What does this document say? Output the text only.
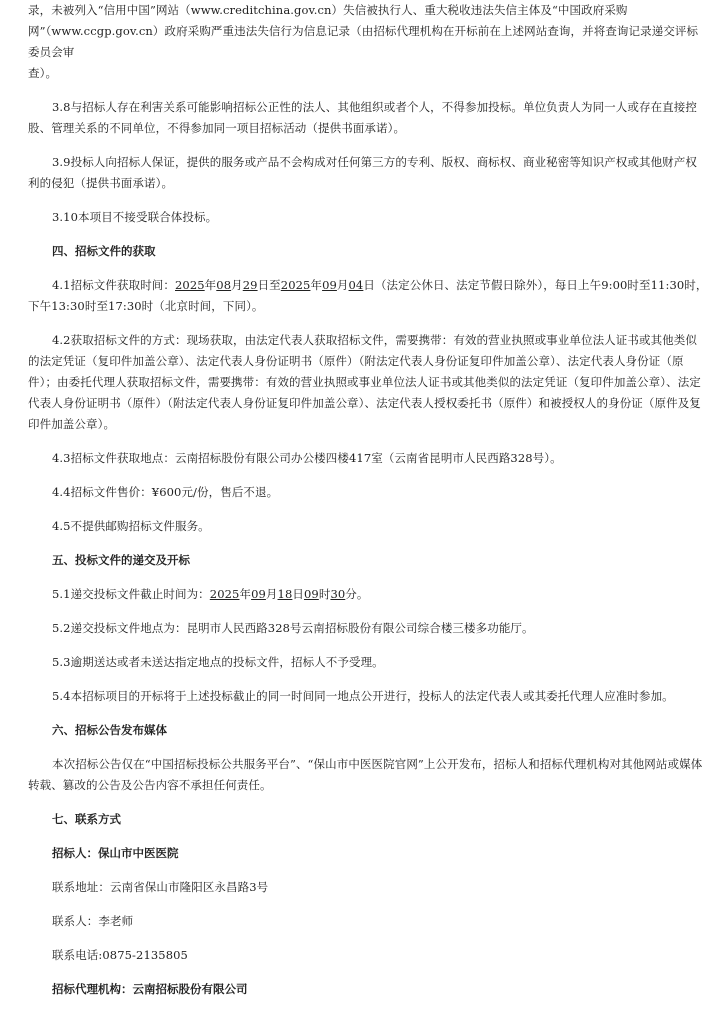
录，未被列入“信用中国”网站（www.creditchina.gov.cn）失信被执行人、重大税收违法失信主体及“中国政府采购

网”（www.ccgp.gov.cn）政府采购严重违法失信行为信息记录（由招标代理机构在开标前在上述网站查询，并将查询记录递交评标委员会审

查）。

3.8与招标人存在利害关系可能影响招标公正性的法人、其他组织或者个人，不得参加投标。单位负责人为同一人或存在直接控股、管理关系的不同单位，不得参加同一项目招标活动（提供书面承诺）。

3.9投标人向招标人保证，提供的服务或产品不会构成对任何第三方的专利、版权、商标权、商业秘密等知识产权或其他财产权利的侵犯（提供书面承诺）。

3.10本项目不接受联合体投标。

四、招标文件的获取

4.1招标文件获取时间：2025年08月29日至2025年09月04日（法定公休日、法定节假日除外），每日上午9:00时至11:30时，下午13:30时至17:30时（北京时间，下同）。

4.2获取招标文件的方式：现场获取，由法定代表人获取招标文件，需要携带：有效的营业执照或事业单位法人证书或其他类似的法定凭证（复印件加盖公章）、法定代表人身份证明书（原件）（附法定代表人身份证复印件加盖公章）、法定代表人身份证（原件）；由委托代理人获取招标文件，需要携带：有效的营业执照或事业单位法人证书或其他类似的法定凭证（复印件加盖公章）、法定代表人身份证明书（原件）（附法定代表人身份证复印件加盖公章）、法定代表人授权委托书（原件）和被授权人的身份证（原件及复印件加盖公章）。

4.3招标文件获取地点：云南招标股份有限公司办公楼四楼417室（云南省昆明市人民西路328号）。

4.4招标文件售价：¥600元/份，售后不退。

4.5不提供邮购招标文件服务。

五、投标文件的递交及开标

5.1递交投标文件截止时间为：2025年09月18日09时30分。

5.2递交投标文件地点为：昆明市人民西路328号云南招标股份有限公司综合楼三楼多功能厅。

5.3逾期送达或者未送达指定地点的投标文件，招标人不予受理。

5.4本招标项目的开标将于上述投标截止的同一时间同一地点公开进行，投标人的法定代表人或其委托代理人应准时参加。

六、招标公告发布媒体

本次招标公告仅在“中国招标投标公共服务平台”、“保山市中医医院官网”上公开发布，招标人和招标代理机构对其他网站或媒体转载、篡改的公告及公告内容不承担任何责任。

七、联系方式

招标人：保山市中医医院

联系地址：云南省保山市隆阳区永昌路3号

联系人：李老师

联系电话:0875-2135805

招标代理机构：云南招标股份有限公司
